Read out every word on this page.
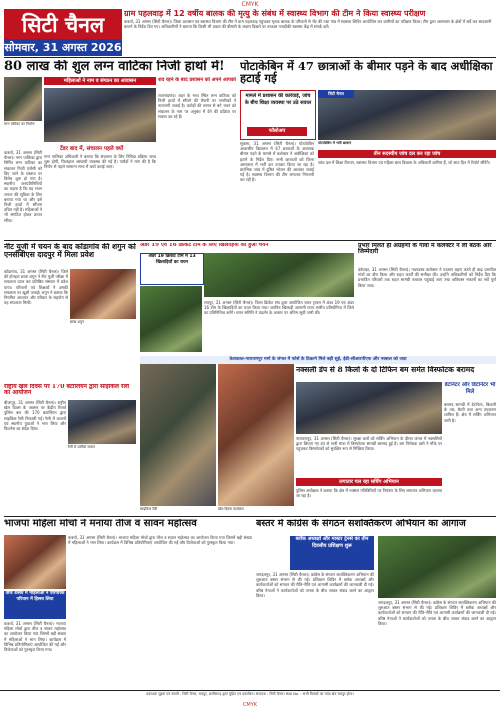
CMYK
सिटी चैनल
सोमवार, 31 अगस्त 2026
ग्राम पहलवाड़ में 12 वर्षीय बालक की मृत्यु के संबंध में स्वास्थ्य विभाग की टीम ने किया स्वास्थ्य परीक्षण
कवर्धा, 31 अगस्त (सिटी चैनल)। जिला प्रशासन एवं स्वास्थ्य विभाग की टीम ने ग्राम पहलवाड़ पहुंचकर मृतक बालक के परिजनों से भेंट की तथा गांव में स्वास्थ्य शिविर आयोजित कर ग्रामीणों का परीक्षण किया। टीम द्वारा आसपास के क्षेत्रों में सर्वे कर सावधानी बरतने के निर्देश दिए गए। अधिकारियों ने बताया कि किसी भी प्रकार की बीमारी के लक्षण दिखने पर तत्काल नजदीकी स्वास्थ्य केंद्र में संपर्क करें।
80 लाख की शुल लग्न वाटिका निजी हाथों में!
महिलाओं ने नाम व संगठन का आवासन
लग्न वाटिका का निर्माण
कवर्धा, 31 अगस्त (सिटी चैनल)। नगर पालिका द्वारा निर्मित लग्न वाटिका का संचालन निजी एजेंसी को दिए जाने के प्रस्ताव पर विरोध शुरू हो गया है। स्थानीय जनप्रतिनिधियों का कहना है कि यह भवन जनता की सुविधा के लिए बनाया गया था और इसे निजी हाथों में सौंपना उचित नहीं है। महिलाओं ने भी संगठित होकर ज्ञापन सौंपा।
टेंडर बाद में, संचालन पहले क्यों
नगर पालिका अधिकारी ने बताया कि संचालन के लिए निविदा प्रक्रिया जल्द शुरू होगी, फिलहाल अस्थायी व्यवस्था की गई है। पार्षदों ने मांग की है कि निर्णय से पहले सामान्य सभा में चर्चा कराई जाए।
शव रहने के बाद प्रशासन को अपने आपको
राजनांदगांव। शहर के मध्य स्थित लग्न वाटिका को निजी हाथों में सौंपने की तैयारी पर नागरिकों ने नाराजगी जताई है। करोड़ों की लागत से बने भवन को संचालन के नाम पर अनुबंध में देने की प्रक्रिया पर सवाल उठ रहे हैं।
पोटाकेबिन में 47 छात्राओं के बीमार पड़ने के बाद अधीक्षिका हटाई गई
मामले में प्रशासन की कार्रवाई, जांच के बीच शिक्षा व्यवस्था पर उठे सवाल
फॉलोअप
सिटी चैनल
पोटाकेबिन में भर्ती छात्राएं
सुकमा, 31 अगस्त (सिटी चैनल)। पोटाकेबिन आवासीय विद्यालय में 47 छात्राओं के अचानक बीमार पड़ने के मामले में कलेक्टर ने अधीक्षिका को हटाने के निर्देश दिए। सभी छात्राओं को जिला अस्पताल में भर्ती कर उपचार किया जा रहा है। प्रारंभिक जांच में दूषित भोजन की आशंका जताई गई है। स्वास्थ्य विभाग की टीम लगातार निगरानी कर रही है।
तीन सदस्यीय जांच दल कर रहा जांच
जांच दल में शिक्षा विभाग, स्वास्थ्य विभाग एवं महिला बाल विकास के अधिकारी शामिल हैं, जो सात दिन में रिपोर्ट सौंपेंगे।
नीट यूजी में चयन के बाद कोंडागांव की शगुन को एनसीबीएस दादपुर में मिला प्रवेश
कोंडागांव, 31 अगस्त (सिटी चैनल)। जिले की होनहार छात्रा शगुन ने नीट यूजी परीक्षा में सफलता प्राप्त कर प्रतिष्ठित संस्थान में प्रवेश पाया। परिजनों एवं शिक्षकों ने उसकी सफलता पर खुशी जताई। शगुन ने बताया कि नियमित अध्ययन और परिवार के सहयोग से यह सफलता मिली।
छात्रा शगुन
अंडर 19 एवं 16 क्रिकेट टीम के लिए खिलाड़ियों का हुआ चयन
अंडर 19 क्रिकेट टीम में 13 खिलाड़ियों का चयन
रायपुर, 31 अगस्त (सिटी चैनल)। जिला क्रिकेट संघ द्वारा आयोजित चयन ट्रायल में अंडर 19 एवं अंडर 16 टीम के खिलाड़ियों का चयन किया गया। चयनित खिलाड़ी आगामी राज्य स्तरीय प्रतियोगिता में जिले का प्रतिनिधित्व करेंगे। चयन समिति ने प्रदर्शन के आधार पर अंतिम सूची जारी की।
प्रभार मिलते ही अग्रहणों के गांवों में कलेक्टर ने ली बैठक और जिम्मेदारी
दंतेवाड़ा, 31 अगस्त (सिटी चैनल)। नवपदस्थ कलेक्टर ने पदभार ग्रहण करते ही बाढ़ प्रभावित गांवों का दौरा किया और राहत कार्यों की समीक्षा की। उन्होंने अधिकारियों को निर्देश दिए कि प्रभावित परिवारों तक राहत सामग्री तत्काल पहुंचाई जाए तथा क्षतिग्रस्त मकानों का सर्वे पूर्ण किया जाए।
राष्ट्रीय खेल दिवस पर 170 बटालियन द्वारा साइकिल रैली का आयोजन
बीजापुर, 31 अगस्त (सिटी चैनल)। राष्ट्रीय खेल दिवस के अवसर पर केंद्रीय रिजर्व पुलिस बल की 170 बटालियन द्वारा साइकिल रैली निकाली गई। रैली में जवानों एवं स्थानीय युवाओं ने भाग लिया और फिटनेस का संदेश दिया।
रैली में शामिल जवान
साइकिल रैली	खेल दिवस कार्यक्रम
केशकाल-नारायणपुर मार्ग के जंगल में फोर्स के ठिकाने मिले बड़ी सुई, ईडी-सीआरपीएफ और नक्सल को जवा
नक्सली डंप से 8 किलो के दो टिफिन बम समेत विस्फोटक बरामद
डेटोनेटर और डिटोनेटर भी मिले
बरामद सामग्री में डेटोनेटर, बिजली के तार, बैटरी तथा अन्य उपकरण शामिल हैं। क्षेत्र में सर्चिंग अभियान जारी है।
नारायणपुर, 31 अगस्त (सिटी चैनल)। सुरक्षा बलों को सर्चिंग अभियान के दौरान जंगल में नक्सलियों द्वारा छिपाए गए डंप से भारी मात्रा में विस्फोटक सामग्री बरामद हुई है। बम निरोधक दस्ते ने मौके पर पहुंचकर विस्फोटकों को सुरक्षित रूप से निष्क्रिय किया।
लगातार चल रहा सर्चिंग अभियान
पुलिस अधीक्षक ने बताया कि क्षेत्र में नक्सल गतिविधियों पर नियंत्रण के लिए लगातार अभियान चलाया जा रहा है।
भाजपा महिला मोर्चा ने मनाया तीज व सावन महोत्सव
तीज उत्सव में महिलाओं ने पारंपरिक परिधान में हिस्सा लिया
कवर्धा, 31 अगस्त (सिटी चैनल)। भाजपा महिला मोर्चा द्वारा तीज व सावन महोत्सव का आयोजन किया गया जिसमें बड़ी संख्या में महिलाओं ने भाग लिया। कार्यक्रम में विभिन्न प्रतियोगिताएं आयोजित की गईं और विजेताओं को पुरस्कृत किया गया।
कवर्धा, 31 अगस्त (सिटी चैनल)। भाजपा महिला मोर्चा द्वारा तीज व सावन महोत्सव का आयोजन किया गया जिसमें बड़ी संख्या में महिलाओं ने भाग लिया। कार्यक्रम में विभिन्न प्रतियोगिताएं आयोजित की गईं और विजेताओं को पुरस्कृत किया गया।
बस्तर में कांग्रेस के संगठन सशक्तिकरण अभियान का आगाज
ब्लॉक अध्यक्षों और मास्टर ट्रेनर्स का तीन दिवसीय प्रशिक्षण शुरू
जगदलपुर, 31 अगस्त (सिटी चैनल)। कांग्रेस के संगठन सशक्तिकरण अभियान की शुरुआत बस्तर संभाग से की गई। प्रशिक्षण शिविर में ब्लॉक अध्यक्षों और कार्यकर्ताओं को संगठन की रीति-नीति एवं आगामी कार्यक्रमों की जानकारी दी गई। वरिष्ठ नेताओं ने कार्यकर्ताओं को जनता के बीच जाकर संवाद करने का आह्वान किया।
जगदलपुर, 31 अगस्त (सिटी चैनल)। कांग्रेस के संगठन सशक्तिकरण अभियान की शुरुआत बस्तर संभाग से की गई। प्रशिक्षण शिविर में ब्लॉक अध्यक्षों और कार्यकर्ताओं को संगठन की रीति-नीति एवं आगामी कार्यक्रमों की जानकारी दी गई। वरिष्ठ नेताओं ने कार्यकर्ताओं को जनता के बीच जाकर संवाद करने का आह्वान किया।
प्रकाशक मुद्रक एवं स्वामी : सिटी चैनल, रायपुर, छत्तीसगढ़ द्वारा मुद्रित एवं प्रकाशित। संपादक : सिटी चैनल। RNI No. : सभी विवादों का न्याय क्षेत्र रायपुर होगा।
CMYK
